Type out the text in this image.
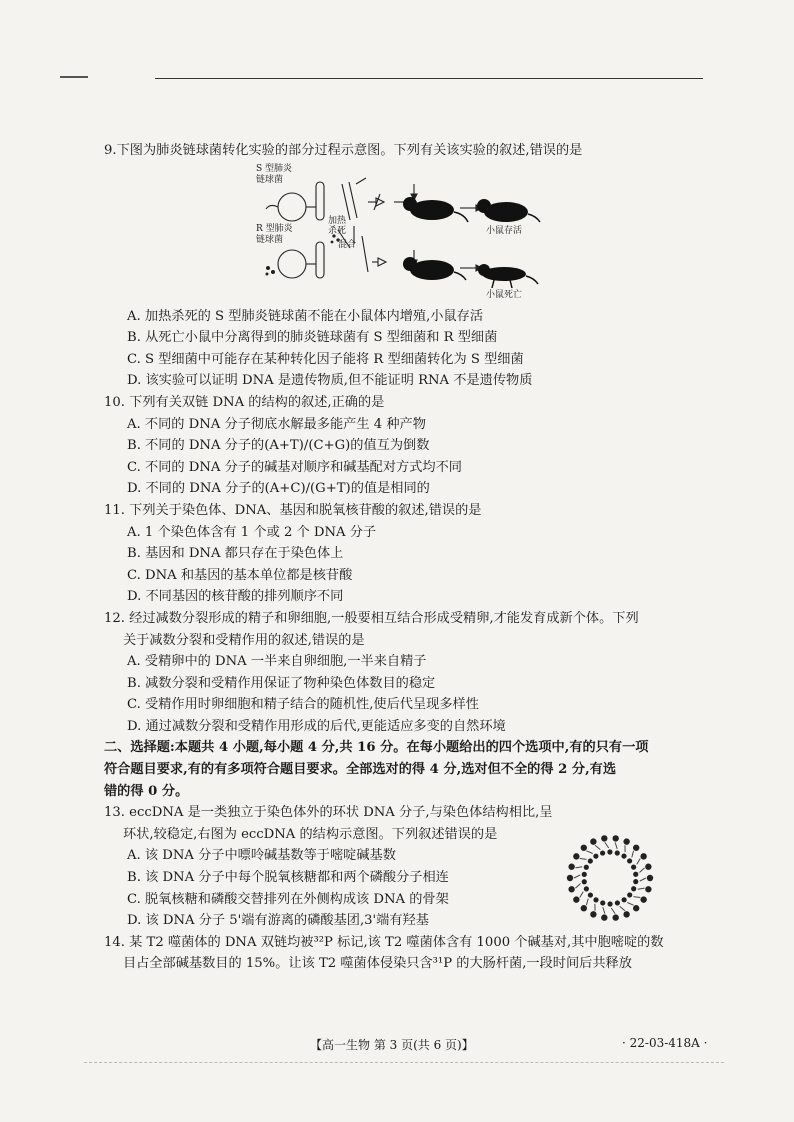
9.下图为肺炎链球菌转化实验的部分过程示意图。下列有关该实验的叙述,错误的是

S 型肺炎
链球菌
加热
杀死
R 型肺炎
链球菌	混合
小鼠存活
小鼠死亡

A. 加热杀死的 S 型肺炎链球菌不能在小鼠体内增殖,小鼠存活

B. 从死亡小鼠中分离得到的肺炎链球菌有 S 型细菌和 R 型细菌

C. S 型细菌中可能存在某种转化因子能将 R 型细菌转化为 S 型细菌

D. 该实验可以证明 DNA 是遗传物质,但不能证明 RNA 不是遗传物质

10. 下列有关双链 DNA 的结构的叙述,正确的是

A. 不同的 DNA 分子彻底水解最多能产生 4 种产物

B. 不同的 DNA 分子的(A+T)/(C+G)的值互为倒数

C. 不同的 DNA 分子的碱基对顺序和碱基配对方式均不同

D. 不同的 DNA 分子的(A+C)/(G+T)的值是相同的

11. 下列关于染色体、DNA、基因和脱氧核苷酸的叙述,错误的是

A. 1 个染色体含有 1 个或 2 个 DNA 分子

B. 基因和 DNA 都只存在于染色体上

C. DNA 和基因的基本单位都是核苷酸

D. 不同基因的核苷酸的排列顺序不同

12. 经过减数分裂形成的精子和卵细胞,一般要相互结合形成受精卵,才能发育成新个体。下列

关于减数分裂和受精作用的叙述,错误的是

A. 受精卵中的 DNA 一半来自卵细胞,一半来自精子

B. 减数分裂和受精作用保证了物种染色体数目的稳定

C. 受精作用时卵细胞和精子结合的随机性,使后代呈现多样性

D. 通过减数分裂和受精作用形成的后代,更能适应多变的自然环境

二、选择题:本题共 4 小题,每小题 4 分,共 16 分。在每小题给出的四个选项中,有的只有一项

符合题目要求,有的有多项符合题目要求。全部选对的得 4 分,选对但不全的得 2 分,有选

错的得 0 分。

13. eccDNA 是一类独立于染色体外的环状 DNA 分子,与染色体结构相比,呈

环状,较稳定,右图为 eccDNA 的结构示意图。下列叙述错误的是

A. 该 DNA 分子中嘌呤碱基数等于嘧啶碱基数

B. 该 DNA 分子中每个脱氧核糖都和两个磷酸分子相连

C. 脱氧核糖和磷酸交替排列在外侧构成该 DNA 的骨架

D. 该 DNA 分子 5'端有游离的磷酸基团,3'端有羟基

14. 某 T2 噬菌体的 DNA 双链均被³²P 标记,该 T2 噬菌体含有 1000 个碱基对,其中胞嘧啶的数

目占全部碱基数目的 15%。让该 T2 噬菌体侵染只含³¹P 的大肠杆菌,一段时间后共释放

【高一生物 第 3 页(共 6 页)】	· 22-03-418A ·
